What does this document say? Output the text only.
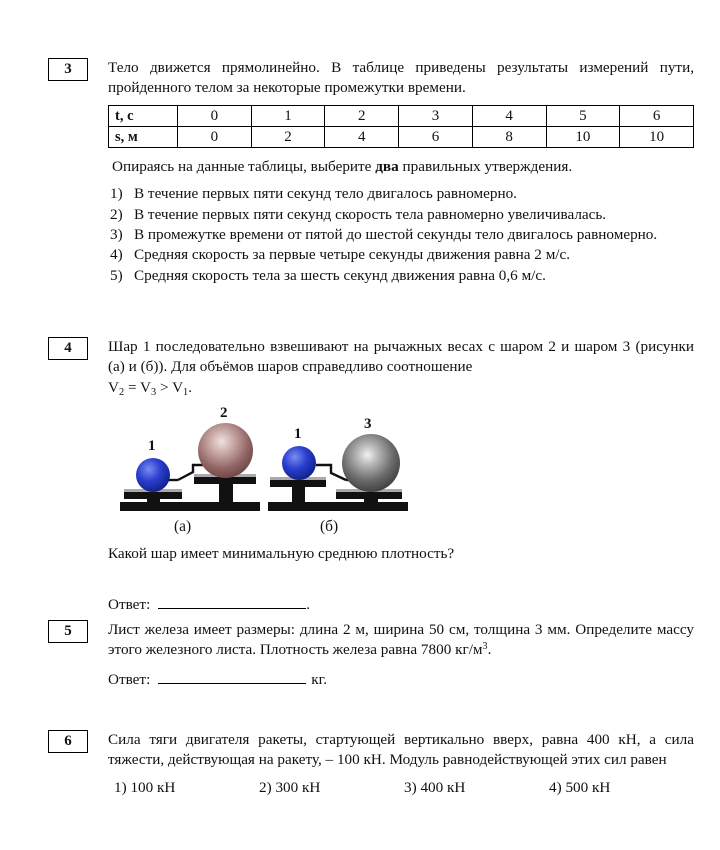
3 Тело движется прямолинейно. В таблице приведены результаты измерений пути, пройденного телом за некоторые промежутки времени.

t, с	0	1	2	3	4	5	6
s, м	0	2	4	6	8	10	10

Опираясь на данные таблицы, выберите два правильных утверждения.

1) В течение первых пяти секунд тело двигалось равномерно.
2) В течение первых пяти секунд скорость тела равномерно увеличивалась.
3) В промежутке времени от пятой до шестой секунды тело двигалось равномерно.
4) Средняя скорость за первые четыре секунды движения равна 2 м/с.
5) Средняя скорость тела за шесть секунд движения равна 0,6 м/с.
4 Шар 1 последовательно взвешивают на рычажных весах с шаром 2 и шаром 3 (рисунки (а) и (б)). Для объёмов шаров справедливо соотношение

$V_2 = V_3 > V_1$.

1
2
(а)
1
3
(б)

Какой шар имеет минимальную среднюю плотность?

Ответ:	.
5 Лист железа имеет размеры: длина 2 м, ширина 50 см, толщина 3 мм. Определите массу этого железного листа. Плотность железа равна 7800 $кг/м^3$.

Ответ:	кг.
6 Сила тяги двигателя ракеты, стартующей вертикально вверх, равна 400 кН, а сила тяжести, действующая на ракету, – 100 кН. Модуль равнодействующей этих сил равен

1) 100 кН	2) 300 кН	3) 400 кН	4) 500 кН
